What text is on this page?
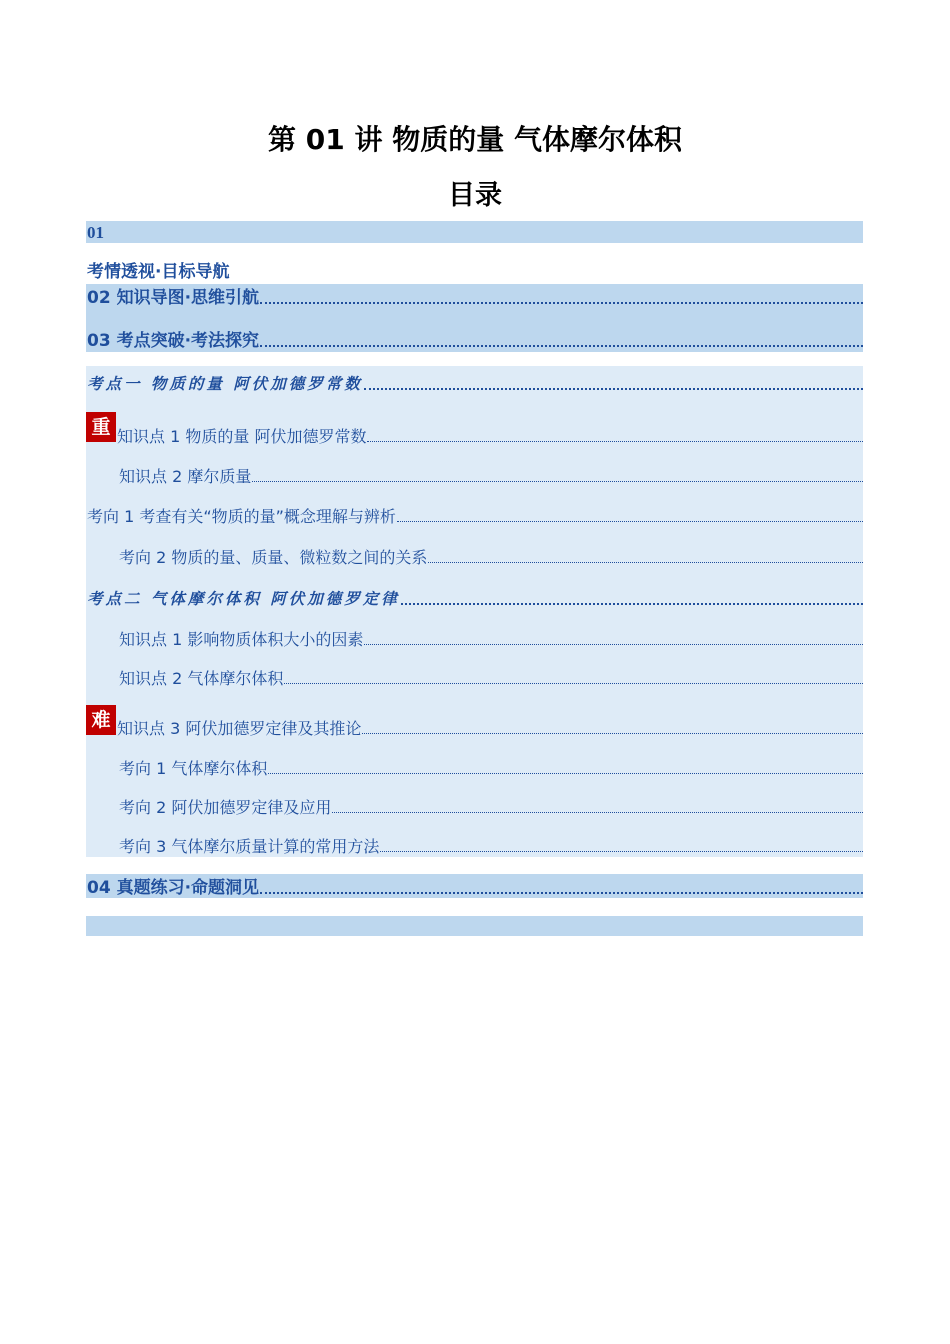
第 01 讲 物质的量 气体摩尔体积
目录
01
考情透视·目标导航
02 知识导图·思维引航
03 考点突破·考法探究
考点一 物质的量 阿伏加德罗常数
重 知识点 1 物质的量 阿伏加德罗常数
知识点 2 摩尔质量
考向 1 考查有关“物质的量”概念理解与辨析
考向 2 物质的量、质量、微粒数之间的关系
考点二 气体摩尔体积 阿伏加德罗定律
知识点 1 影响物质体积大小的因素
知识点 2 气体摩尔体积
难 知识点 3 阿伏加德罗定律及其推论
考向 1 气体摩尔体积
考向 2 阿伏加德罗定律及应用
考向 3 气体摩尔质量计算的常用方法
04 真题练习·命题洞见
